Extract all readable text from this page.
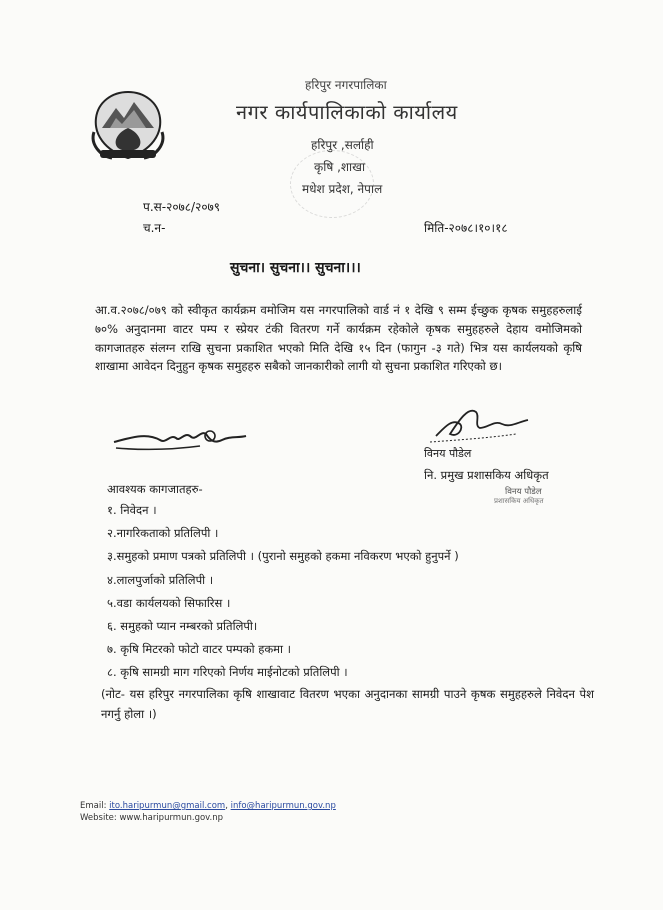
हरिपुर नगरपालिका
नगर कार्यपालिकाको कार्यालय
हरिपुर ,सर्लाही
कृषि ,शाखा
मधेश प्रदेश, नेपाल
प.स-२०७८/२०७९
च.न-	मिति-२०७८।१०।१८
सुचना। सुचना।। सुचना।।।
आ.व.२०७८/०७९ को स्वीकृत कार्यक्रम वमोजिम यस नगरपालिको वार्ड नं १ देखि ९ सम्म ईच्छुक कृषक समुहहरुलाई ७०% अनुदानमा वाटर पम्प र स्प्रेयर टंकी वितरण गर्ने कार्यक्रम रहेकोले कृषक समुहहरुले देहाय वमोजिमको कागजातहरु संलग्न राखि सुचना प्रकाशित भएको मिति देखि १५ दिन (फागुन -३ गते) भित्र यस कार्यलयको कृषि शाखामा आवेदन दिनुहुन कृषक समुहहरु सबैको जानकारीको लागी यो सुचना प्रकाशित गरिएको छ।
विनय पौडेल
नि. प्रमुख प्रशासकिय अधिकृत
विनय पौडेल
प्रशासकिय अधिकृत
आवश्यक कागजातहरु-
१. निवेदन ।
२.नागरिकताको प्रतिलिपी ।
३.समुहको प्रमाण पत्रको प्रतिलिपी । (पुरानो समुहको हकमा नविकरण भएको हुनुपर्ने )
४.लालपुर्जाको प्रतिलिपी ।
५.वडा कार्यलयको सिफारिस ।
६. समुहको प्यान नम्बरको प्रतिलिपी।
७. कृषि मिटरको फोटो वाटर पम्पको हकमा ।
८. कृषि सामग्री माग गरिएको निर्णय माईनोटको प्रतिलिपी ।
(नोट- यस हरिपुर नगरपालिका कृषि शाखावाट वितरण भएका अनुदानका सामग्री पाउने कृषक समुहहरुले निवेदन पेश नगर्नु होला ।)
Email: ito.haripurmun@gmail.com, info@haripurmun.gov.np
Website: www.haripurmun.gov.np
